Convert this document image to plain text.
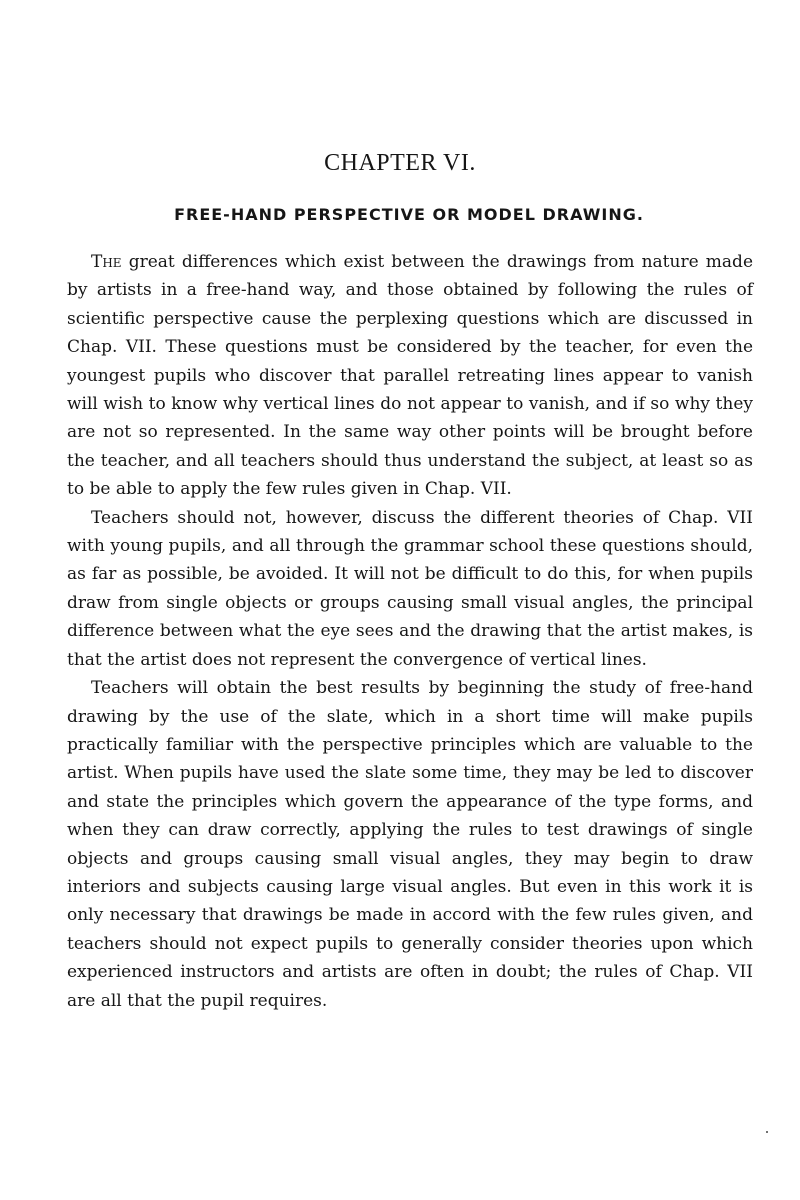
CHAPTER VI.
FREE-HAND PERSPECTIVE OR MODEL DRAWING.

The great differences which exist between the drawings from nature made by artists in a free-hand way, and those obtained by following the rules of scientific perspective cause the perplexing questions which are discussed in Chap. VII. These questions must be considered by the teacher, for even the youngest pupils who discover that parallel retreating lines appear to vanish will wish to know why vertical lines do not appear to vanish, and if so why they are not so represented. In the same way other points will be brought before the teacher, and all teachers should thus understand the subject, at least so as to be able to apply the few rules given in Chap. VII.

Teachers should not, however, discuss the different theories of Chap. VII with young pupils, and all through the grammar school these questions should, as far as possible, be avoided. It will not be difficult to do this, for when pupils draw from single objects or groups causing small visual angles, the principal difference between what the eye sees and the drawing that the artist makes, is that the artist does not represent the convergence of vertical lines.

Teachers will obtain the best results by beginning the study of free-hand drawing by the use of the slate, which in a short time will make pupils practically familiar with the perspective principles which are valuable to the artist. When pupils have used the slate some time, they may be led to discover and state the principles which govern the appearance of the type forms, and when they can draw correctly, applying the rules to test drawings of single objects and groups causing small visual angles, they may begin to draw interiors and subjects causing large visual angles. But even in this work it is only necessary that drawings be made in accord with the few rules given, and teachers should not expect pupils to generally consider theories upon which experienced instructors and artists are often in doubt; the rules of Chap. VII are all that the pupil requires.
